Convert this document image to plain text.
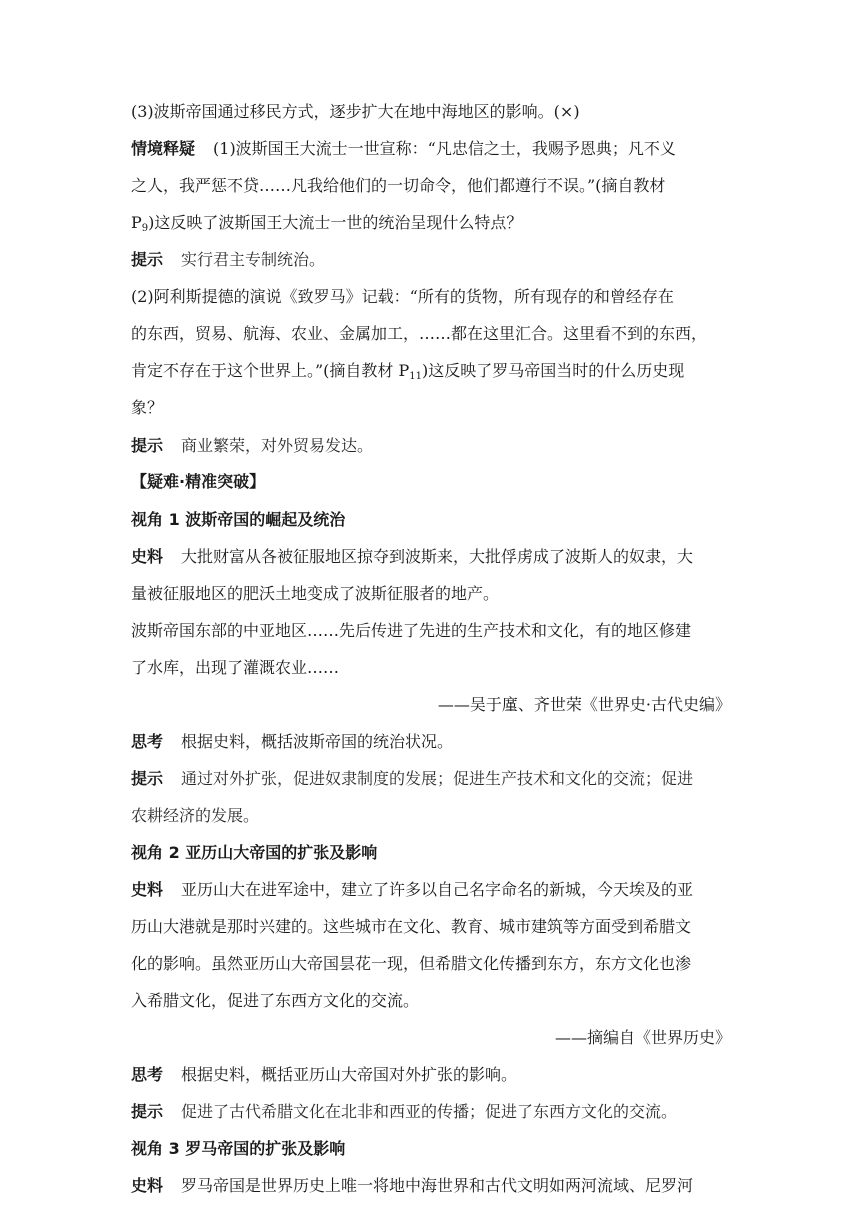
(3)波斯帝国通过移民方式，逐步扩大在地中海地区的影响。(×)
情境释疑 (1)波斯国王大流士一世宣称：“凡忠信之士，我赐予恩典；凡不义
之人，我严惩不贷……凡我给他们的一切命令，他们都遵行不误。”(摘自教材
$P_9$)这反映了波斯国王大流士一世的统治呈现什么特点？
提示 实行君主专制统治。
(2)阿利斯提德的演说《致罗马》记载：“所有的货物，所有现存的和曾经存在
的东西，贸易、航海、农业、金属加工，……都在这里汇合。这里看不到的东西，
肯定不存在于这个世界上。”(摘自教材 $P_{11}$)这反映了罗马帝国当时的什么历史现
象？
提示 商业繁荣，对外贸易发达。
【疑难·精准突破】
视角 1 波斯帝国的崛起及统治
史料 大批财富从各被征服地区掠夺到波斯来，大批俘虏成了波斯人的奴隶，大
量被征服地区的肥沃土地变成了波斯征服者的地产。
波斯帝国东部的中亚地区……先后传进了先进的生产技术和文化，有的地区修建
了水库，出现了灌溉农业……
——吴于廑、齐世荣《世界史·古代史编》
思考 根据史料，概括波斯帝国的统治状况。
提示 通过对外扩张，促进奴隶制度的发展；促进生产技术和文化的交流；促进
农耕经济的发展。
视角 2 亚历山大帝国的扩张及影响
史料 亚历山大在进军途中，建立了许多以自己名字命名的新城，今天埃及的亚
历山大港就是那时兴建的。这些城市在文化、教育、城市建筑等方面受到希腊文
化的影响。虽然亚历山大帝国昙花一现，但希腊文化传播到东方，东方文化也渗
入希腊文化，促进了东西方文化的交流。
——摘编自《世界历史》
思考 根据史料，概括亚历山大帝国对外扩张的影响。
提示 促进了古代希腊文化在北非和西亚的传播；促进了东西方文化的交流。
视角 3 罗马帝国的扩张及影响
史料 罗马帝国是世界历史上唯一将地中海世界和古代文明如两河流域、尼罗河
